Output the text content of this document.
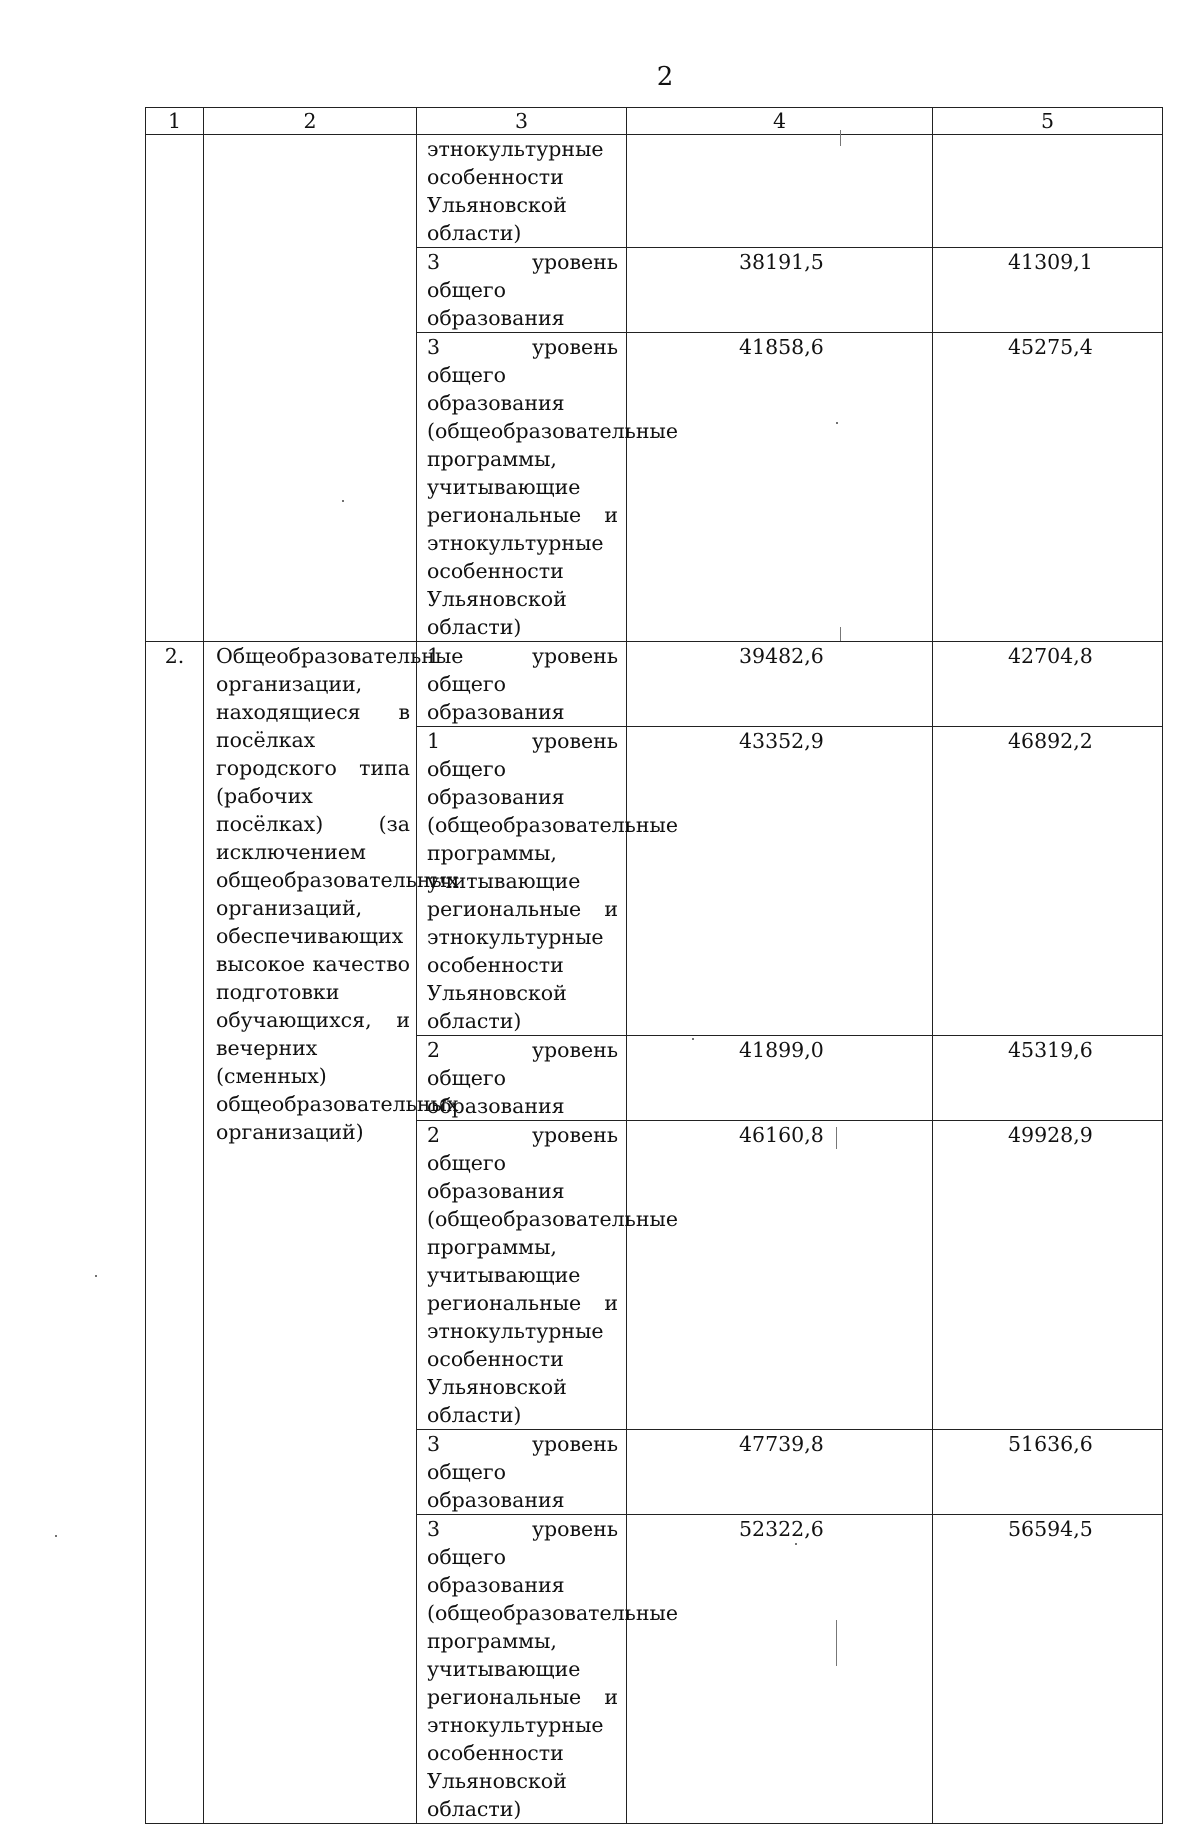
2
1	2	3	4	5
		этнокультурные особенности Ульяновской области)		
		3 уровень общего образования	38191,5	41309,1
		3 уровень общего образования (общеобразовательные программы, учитывающие региональные и этнокультурные особенности Ульяновской области)	41858,6	45275,4
2.	Общеобразовательные организации, находящиеся в посёлках городского типа (рабочих посёлках) (за исключением общеобразовательных организаций, обеспечивающих высокое качество подготовки обучающихся, и вечерних (сменных) общеобразовательных организаций)	1 уровень общего образования	39482,6	42704,8
		1 уровень общего образования (общеобразовательные программы, учитывающие региональные и этнокультурные особенности Ульяновской области)	43352,9	46892,2
		2 уровень общего образования	41899,0	45319,6
		2 уровень общего образования (общеобразовательные программы, учитывающие региональные и этнокультурные особенности Ульяновской области)	46160,8	49928,9
		3 уровень общего образования	47739,8	51636,6
		3 уровень общего образования (общеобразовательные программы, учитывающие региональные и этнокультурные особенности Ульяновской области)	52322,6	56594,5
